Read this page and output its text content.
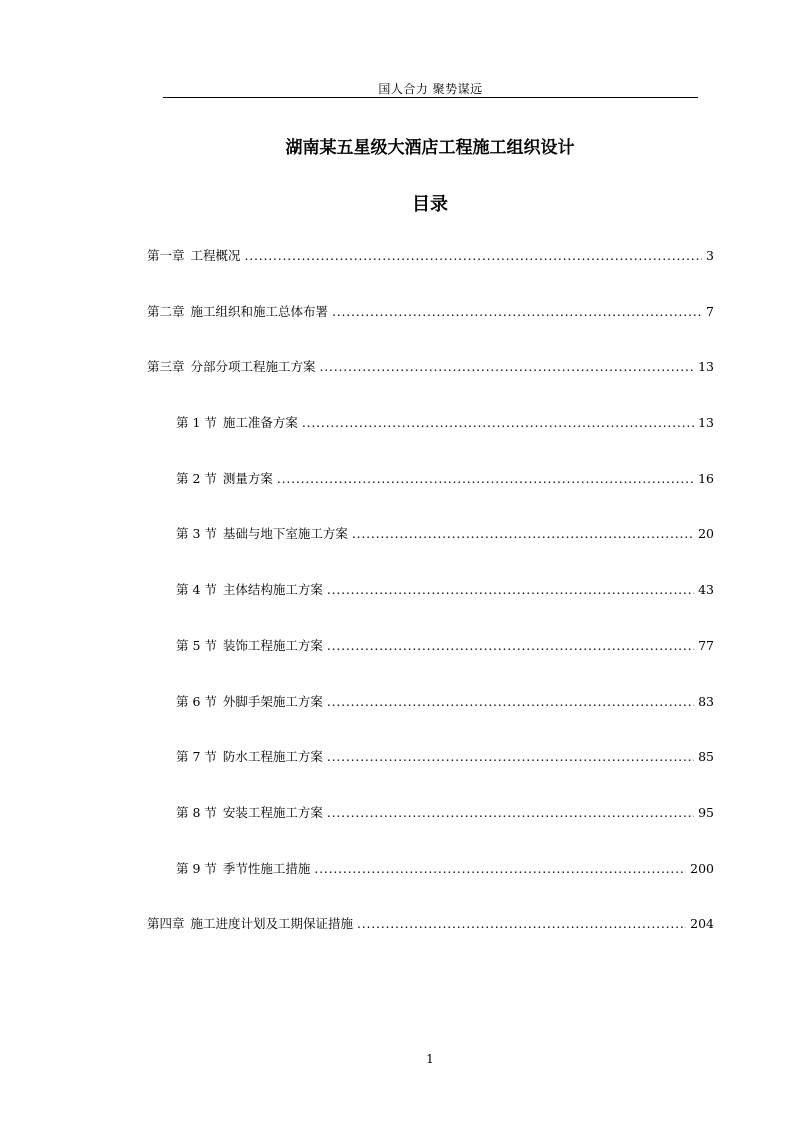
国人合力 聚势谋远
湖南某五星级大酒店工程施工组织设计
目录
第一章 工程概况 . . .	3
第二章 施工组织和施工总体布署 . . .	7
第三章 分部分项工程施工方案 . . .	13
第 1 节 施工准备方案 . . .	13
第 2 节 测量方案 . . .	16
第 3 节 基础与地下室施工方案 . . .	20
第 4 节 主体结构施工方案 . . .	43
第 5 节 装饰工程施工方案 . . .	77
第 6 节 外脚手架施工方案 . . .	83
第 7 节 防水工程施工方案 . . .	85
第 8 节 安装工程施工方案 . . .	95
第 9 节 季节性施工措施 . . .	200
第四章 施工进度计划及工期保证措施 . . .	204
1
